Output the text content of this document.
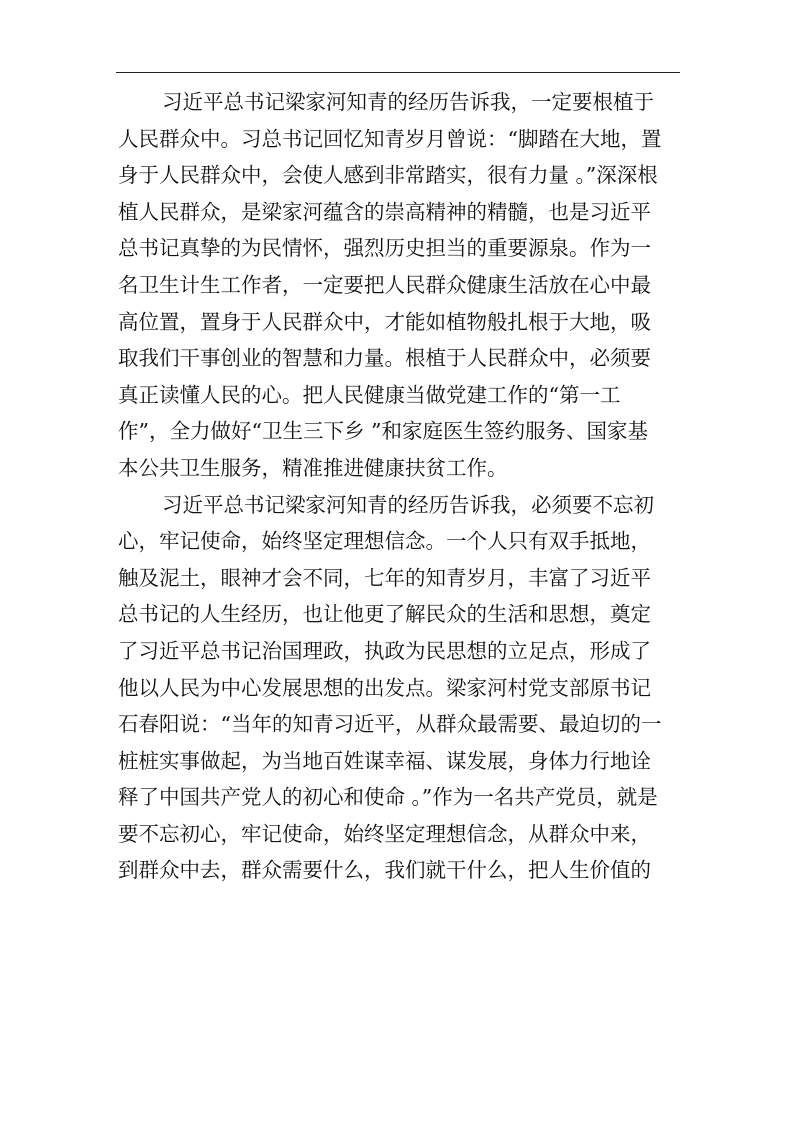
习近平总书记梁家河知青的经历告诉我，一定要根植于
人民群众中。习总书记回忆知青岁月曾说：“脚踏在大地，置
身于人民群众中，会使人感到非常踏实，很有力量 。”深深根
植人民群众，是梁家河蕴含的崇高精神的精髓，也是习近平
总书记真挚的为民情怀，强烈历史担当的重要源泉。作为一
名卫生计生工作者，一定要把人民群众健康生活放在心中最
高位置，置身于人民群众中，才能如植物般扎根于大地，吸
取我们干事创业的智慧和力量。根植于人民群众中，必须要
真正读懂人民的心。把人民健康当做党建工作的“第一工
作”，全力做好“卫生三下乡 ”和家庭医生签约服务、国家基
本公共卫生服务，精准推进健康扶贫工作。
习近平总书记梁家河知青的经历告诉我，必须要不忘初
心，牢记使命，始终坚定理想信念。一个人只有双手抵地，
触及泥土，眼神才会不同，七年的知青岁月，丰富了习近平
总书记的人生经历，也让他更了解民众的生活和思想，奠定
了习近平总书记治国理政，执政为民思想的立足点，形成了
他以人民为中心发展思想的出发点。梁家河村党支部原书记
石春阳说：“当年的知青习近平，从群众最需要、最迫切的一
桩桩实事做起，为当地百姓谋幸福、谋发展，身体力行地诠
释了中国共产党人的初心和使命 。”作为一名共产党员，就是
要不忘初心，牢记使命，始终坚定理想信念，从群众中来，
到群众中去，群众需要什么，我们就干什么，把人生价值的
